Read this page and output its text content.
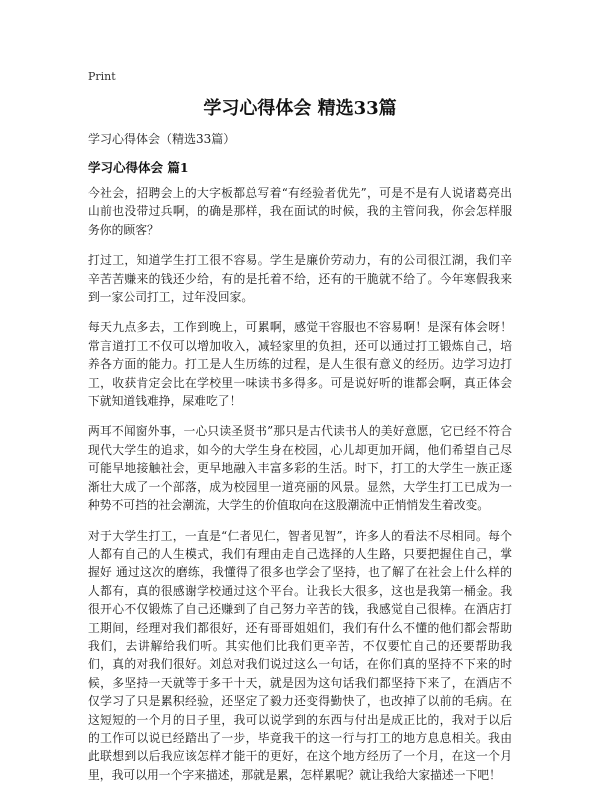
Print
学习心得体会 精选33篇
学习心得体会（精选33篇）
学习心得体会 篇1

今社会，招聘会上的大字板都总写着“有经验者优先”，可是不是有人说诸葛亮出山前也没带过兵啊，的确是那样，我在面试的时候，我的主管问我，你会怎样服务你的顾客？

打过工，知道学生打工很不容易。学生是廉价劳动力，有的公司很江湖，我们辛辛苦苦赚来的钱还少给，有的是托着不给，还有的干脆就不给了。今年寒假我来到一家公司打工，过年没回家。

每天九点多去，工作到晚上，可累啊，感觉干容服也不容易啊！是深有体会呀！常言道打工不仅可以增加收入，减轻家里的负担，还可以通过打工锻炼自己，培养各方面的能力。打工是人生历练的过程，是人生很有意义的经历。边学习边打工，收获肯定会比在学校里一味读书多得多。可是说好听的谁都会啊，真正体会下就知道钱难挣，屎难吃了！

两耳不闻窗外事，一心只读圣贤书”那只是古代读书人的美好意愿，它已经不符合现代大学生的追求，如今的大学生身在校园，心儿却更加开阔，他们希望自己尽可能早地接触社会，更早地融入丰富多彩的生活。时下，打工的大学生一族正逐渐壮大成了一个部落，成为校园里一道亮丽的风景。显然，大学生打工已成为一种势不可挡的社会潮流，大学生的价值取向在这股潮流中正悄悄发生着改变。

对于大学生打工，一直是“仁者见仁，智者见智”，许多人的看法不尽相同。每个人都有自己的人生模式，我们有理由走自己选择的人生路，只要把握住自己，掌握好 通过这次的磨练，我懂得了很多也学会了坚持，也了解了在社会上什么样的人都有，真的很感谢学校通过这个平台。让我长大很多，这也是我第一桶金。我很开心不仅锻炼了自己还赚到了自己努力辛苦的钱，我感觉自己很棒。在酒店打工期间，经理对我们都很好，还有哥哥姐姐们，我们有什么不懂的他们都会帮助我们，去讲解给我们听。其实他们比我们更辛苦，不仅要忙自己的还要帮助我们，真的对我们很好。刘总对我们说过这么一句话，在你们真的坚持不下来的时候，多坚持一天就等于多干十天，就是因为这句话我们都坚持下来了，在酒店不仅学习了只是累积经验，还坚定了毅力还变得勤快了，也改掉了以前的毛病。在这短短的一个月的日子里，我可以说学到的东西与付出是成正比的，我对于以后的工作可以说已经踏出了一步，毕竟我干的这一行与打工的地方息息相关。我由此联想到以后我应该怎样才能干的更好，在这个地方经历了一个月，在这一个月里，我可以用一个字来描述，那就是累，怎样累呢？就让我给大家描述一下吧！
